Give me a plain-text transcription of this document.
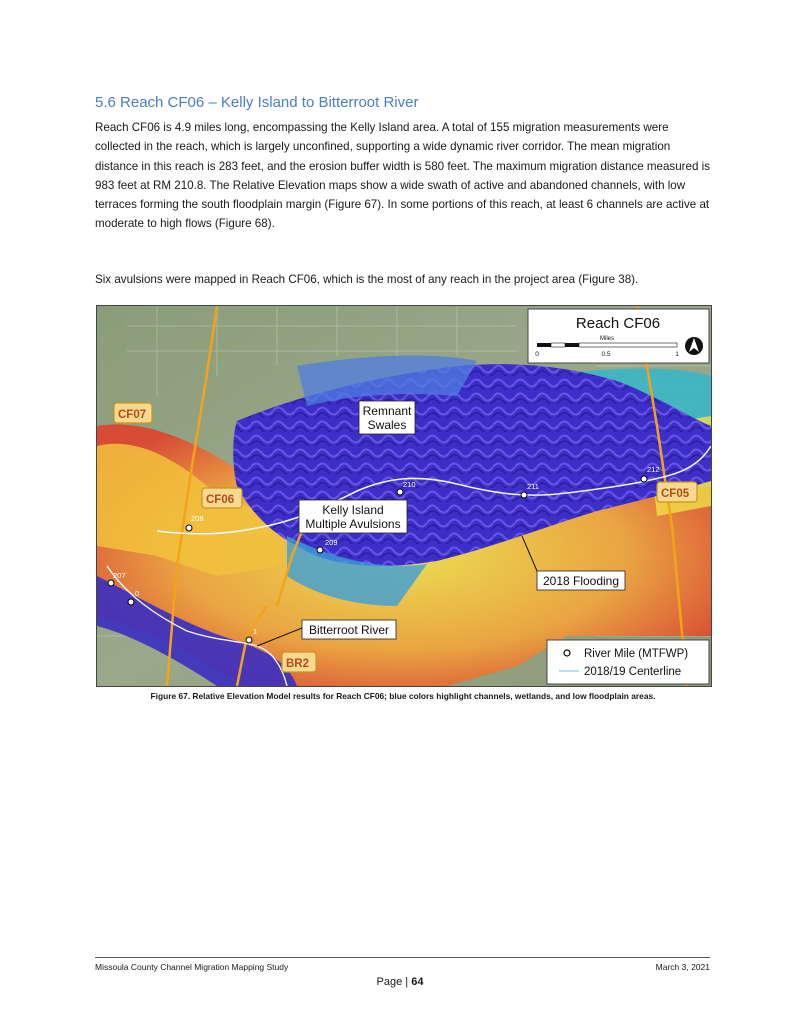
5.6 Reach CF06 – Kelly Island to Bitterroot River

Reach CF06 is 4.9 miles long, encompassing the Kelly Island area. A total of 155 migration measurements were collected in the reach, which is largely unconfined, supporting a wide dynamic river corridor. The mean migration distance in this reach is 283 feet, and the erosion buffer width is 580 feet. The maximum migration distance measured is 983 feet at RM 210.8. The Relative Elevation maps show a wide swath of active and abandoned channels, with low terraces forming the south floodplain margin (Figure 67). In some portions of this reach, at least 6 channels are active at moderate to high flows (Figure 68).

Six avulsions were mapped in Reach CF06, which is the most of any reach in the project area (Figure 38).

207
208
209
210	211
212
0
1
CF07
CF06	CF05
BR2
Remnant
Swales
Kelly Island
Multiple Avulsions
2018 Flooding
Bitterroot River
Reach CF06
Miles
0	0.5	1
River Mile (MTFWP)
2018/19 Centerline
Figure 67. Relative Elevation Model results for Reach CF06; blue colors highlight channels, wetlands, and low floodplain areas.
Missoula County Channel Migration Mapping Study	March 3, 2021
Page | 64
